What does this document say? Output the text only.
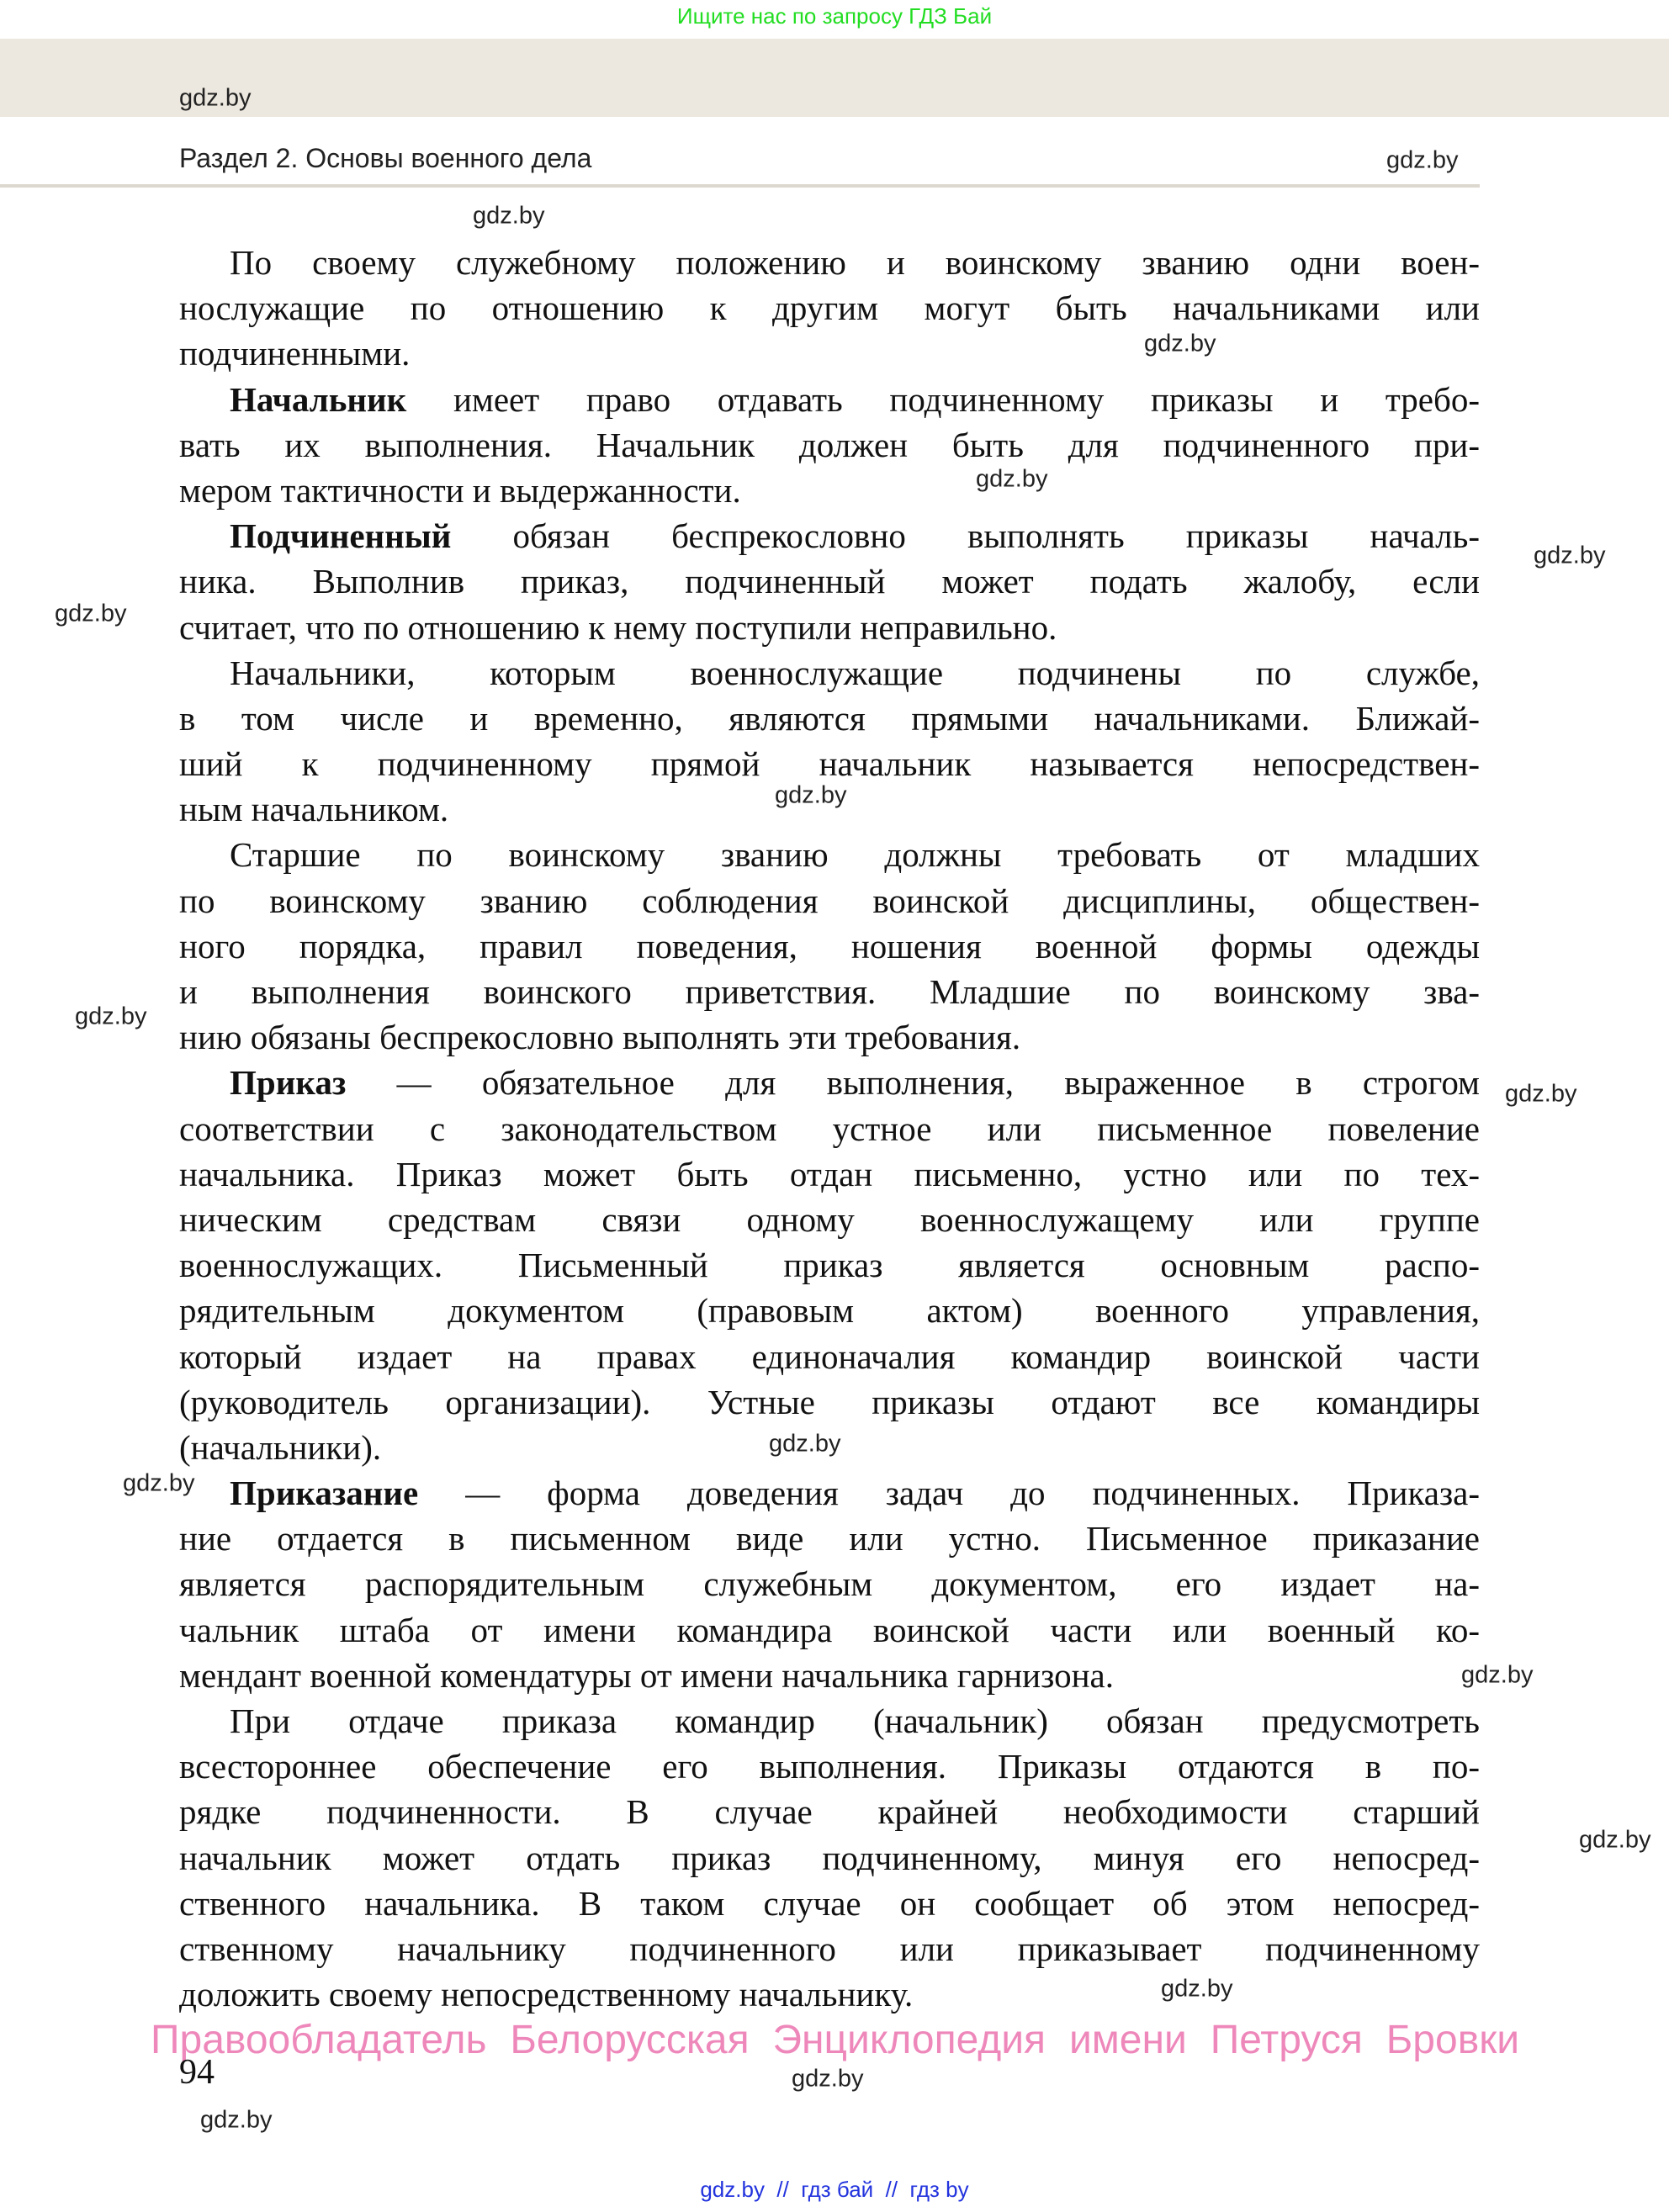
Ищите нас по запросу ГДЗ Бай
Раздел 2. Основы военного дела
gdz.by
gdz.by
gdz.by
По своему служебному положению и воинскому званию одни воен-
нослужащие по отношению к другим могут быть начальниками или
подчиненными.
Начальник имеет право отдавать подчиненному приказы и требо-
вать их выполнения. Начальник должен быть для подчиненного при-
мером тактичности и выдержанности.
Подчиненный обязан беспрекословно выполнять приказы началь-
ника. Выполнив приказ, подчиненный может подать жалобу, если
считает, что по отношению к нему поступили неправильно.
Начальники, которым военнослужащие подчинены по службе,
в том числе и временно, являются прямыми начальниками. Ближай-
ший к подчиненному прямой начальник называется непосредствен-
ным начальником.
Старшие по воинскому званию должны требовать от младших
по воинскому званию соблюдения воинской дисциплины, обществен-
ного порядка, правил поведения, ношения военной формы одежды
и выполнения воинского приветствия. Младшие по воинскому зва-
нию обязаны беспрекословно выполнять эти требования.
Приказ — обязательное для выполнения, выраженное в строгом
соответствии с законодательством устное или письменное повеление
начальника. Приказ может быть отдан письменно, устно или по тех-
ническим средствам связи одному военнослужащему или группе
военнослужащих. Письменный приказ является основным распо-
рядительным документом (правовым актом) военного управления,
который издает на правах единоначалия командир воинской части
(руководитель организации). Устные приказы отдают все командиры
(начальники).
Приказание — форма доведения задач до подчиненных. Приказа-
ние отдается в письменном виде или устно. Письменное приказание
является распорядительным служебным документом, его издает на-
чальник штаба от имени командира воинской части или военный ко-
мендант военной комендатуры от имени начальника гарнизона.
При отдаче приказа командир (начальник) обязан предусмотреть
всестороннее обеспечение его выполнения. Приказы отдаются в по-
рядке подчиненности. В случае крайней необходимости старший
начальник может отдать приказ подчиненному, минуя его непосред-
ственного начальника. В таком случае он сообщает об этом непосред-
ственному начальнику подчиненного или приказывает подчиненному
доложить своему непосредственному начальнику.
gdz.by
gdz.by
gdz.by
gdz.by
gdz.by
gdz.by
gdz.by
gdz.by
gdz.by
gdz.by
gdz.by
gdz.by
Правообладатель Белорусская Энциклопедия имени Петруся Бровки
94	gdz.by
gdz.by
gdz.by  //  гдз бай  //  гдз by
